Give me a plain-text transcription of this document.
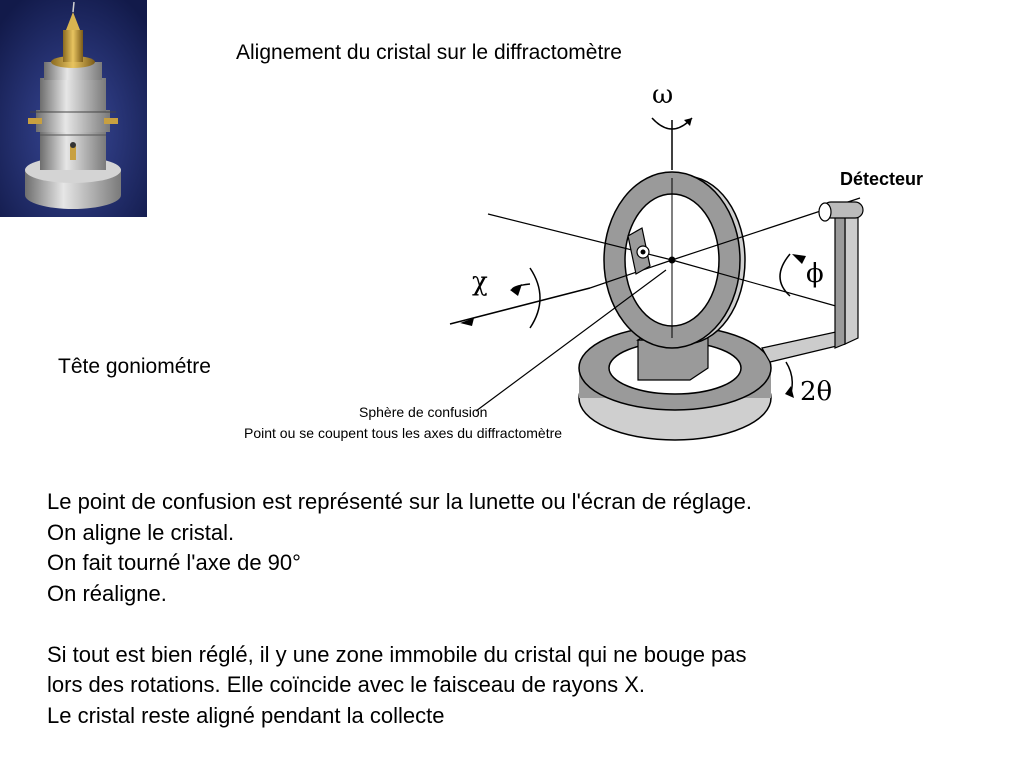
Alignement du cristal sur le diffractomètre
Tête goniométre
ω
χ	ϕ
Détecteur
2θ
Sphère de confusion
Point ou se coupent tous les axes du diffractomètre
Le point de confusion est représenté sur la lunette ou l'écran de réglage.
On aligne le cristal.
On fait tourné l'axe de 90°
On réaligne.
Si tout est bien réglé, il y une zone immobile du cristal qui ne bouge pas
lors des rotations. Elle coïncide avec le faisceau de rayons X.
Le cristal reste aligné pendant la collecte
